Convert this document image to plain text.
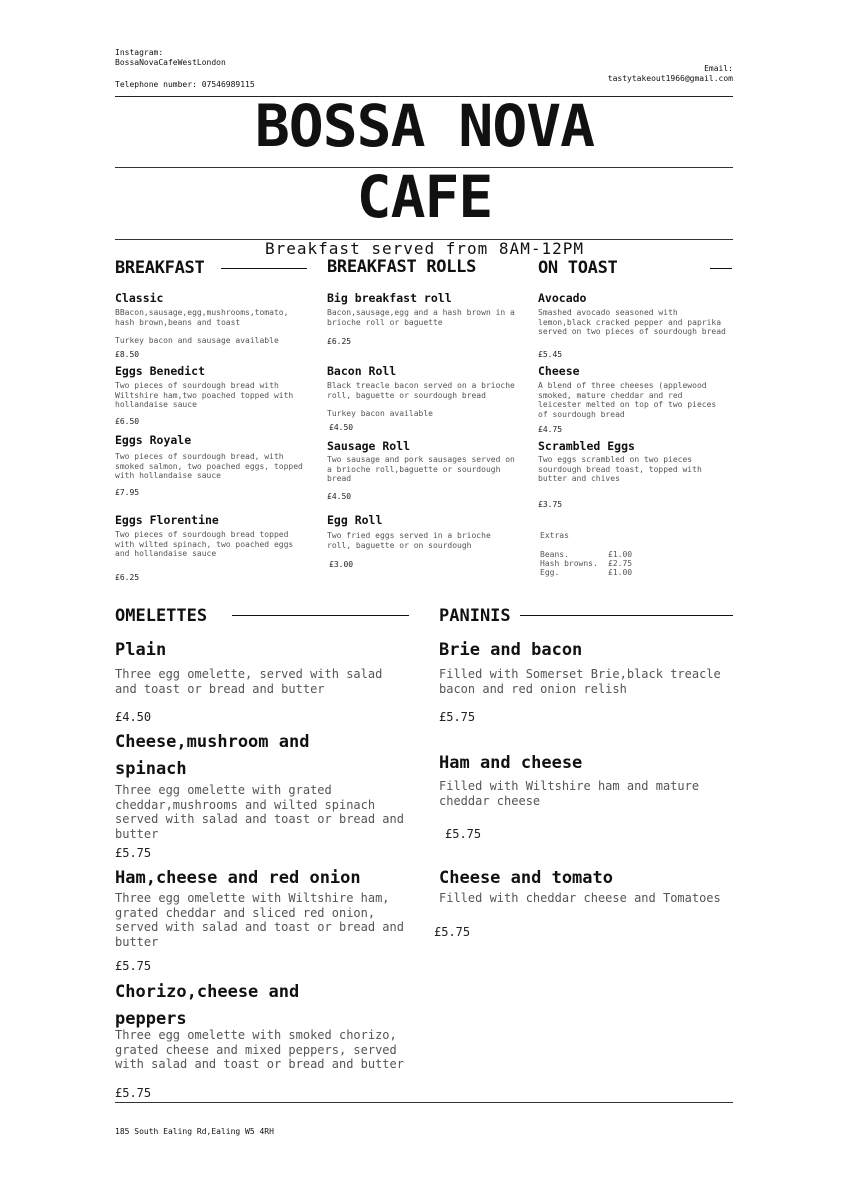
Instagram:
BossaNovaCafeWestLondon
Telephone number: 07546989115
Email:
tastytakeout1966@gmail.com
BOSSA NOVA
CAFE
Breakfast served from 8AM-12PM
BREAKFAST	BREAKFAST ROLLS	ON TOAST
Classic
BBacon,sausage,egg,mushrooms,tomato, hash brown,beans and toast
Turkey bacon and sausage available
£8.50
Eggs Benedict
Two pieces of sourdough bread with Wiltshire ham,two poached topped with hollandaise sauce
£6.50
Eggs Royale
Two pieces of sourdough bread, with smoked salmon, two poached eggs, topped with hollandaise sauce
£7.95
Eggs Florentine
Two pieces of sourdough bread topped with wilted spinach, two poached eggs and hollandaise sauce
£6.25
Big breakfast roll
Bacon,sausage,egg and a hash brown in a brioche roll or baguette
£6.25
Bacon Roll
Black treacle bacon served on a brioche roll, baguette or sourdough bread
Turkey bacon available
£4.50
Sausage Roll
Two sausage and pork sausages served on a brioche roll,baguette or sourdough bread
£4.50
Egg Roll
Two fried eggs served in a brioche roll, baguette or on sourdough
£3.00
Avocado
Smashed avocado seasoned with lemon,black cracked pepper and paprika served on two pieces of sourdough bread
£5.45
Cheese
A blend of three cheeses (applewood smoked, mature cheddar and red leicester melted on top of two pieces of sourdough bread
£4.75
Scrambled Eggs
Two eggs scrambled on two pieces sourdough bread toast, topped with butter and chives
£3.75
Extras
Beans.	£1.00
Hash browns. £2.75
Egg.	£1.00
OMELETTES
Plain
Three egg omelette, served with salad and toast or bread and butter
£4.50
Cheese,mushroom and
spinach
Three egg omelette with grated cheddar,mushrooms and wilted spinach served with salad and toast or bread and butter
£5.75
Ham,cheese and red onion
Three egg omelette with Wiltshire ham, grated cheddar and sliced red onion, served with salad and toast or bread and butter
£5.75
Chorizo,cheese and
peppers
Three egg omelette with smoked chorizo, grated cheese and mixed peppers, served with salad and toast or bread and butter
£5.75
PANINIS
Brie and bacon
Filled with Somerset Brie,black treacle bacon and red onion relish
£5.75
Ham and cheese
Filled with Wiltshire ham and mature cheddar cheese
£5.75
Cheese and tomato
Filled with cheddar cheese and Tomatoes
£5.75
185 South Ealing Rd,Ealing W5 4RH
